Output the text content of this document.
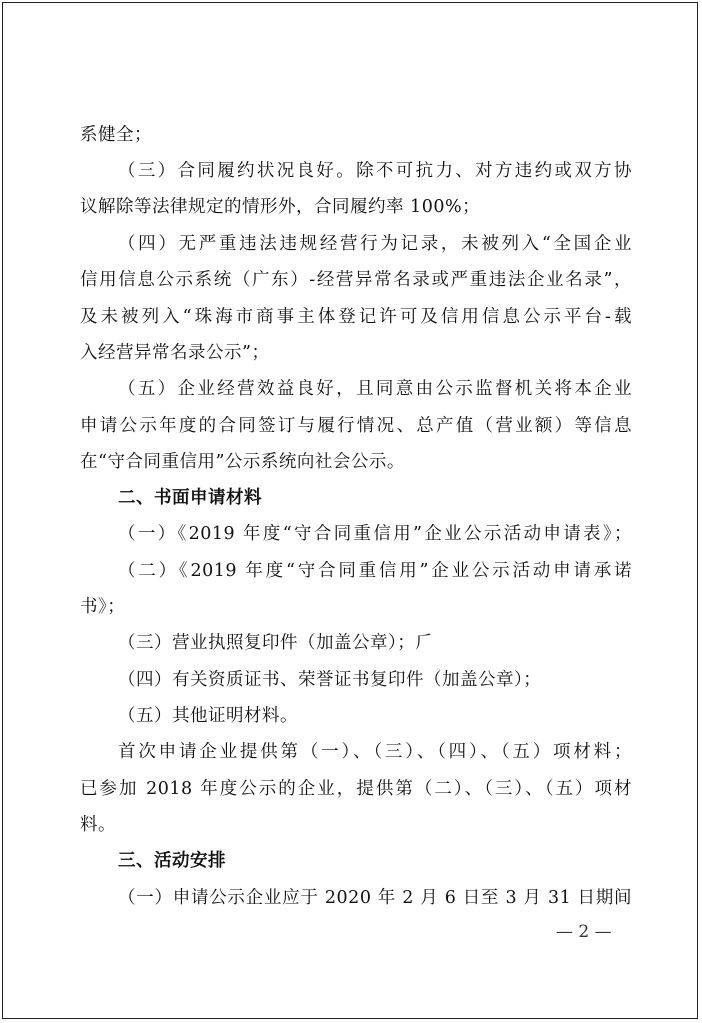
系健全；
（三）合同履约状况良好。除不可抗力、对方违约或双方协
议解除等法律规定的情形外，合同履约率 100%；
（四）无严重违法违规经营行为记录，未被列入“全国企业
信用信息公示系统（广东）-经营异常名录或严重违法企业名录”，
及未被列入“珠海市商事主体登记许可及信用信息公示平台-载
入经营异常名录公示”；
（五）企业经营效益良好，且同意由公示监督机关将本企业
申请公示年度的合同签订与履行情况、总产值（营业额）等信息
在“守合同重信用”公示系统向社会公示。
二、书面申请材料
（一）《2019 年度“守合同重信用”企业公示活动申请表》；
（二）《2019 年度“守合同重信用”企业公示活动申请承诺
书》；
（三）营业执照复印件（加盖公章）；𠂆
（四）有关资质证书、荣誉证书复印件（加盖公章）；
（五）其他证明材料。
首次申请企业提供第（一）、（三）、（四）、（五）项材料；
已参加 2018 年度公示的企业，提供第（二）、（三）、（五）项材
料。
三、活动安排
（一）申请公示企业应于 2020 年 2 月 6 日至 3 月 31 日期间
— 2 —
